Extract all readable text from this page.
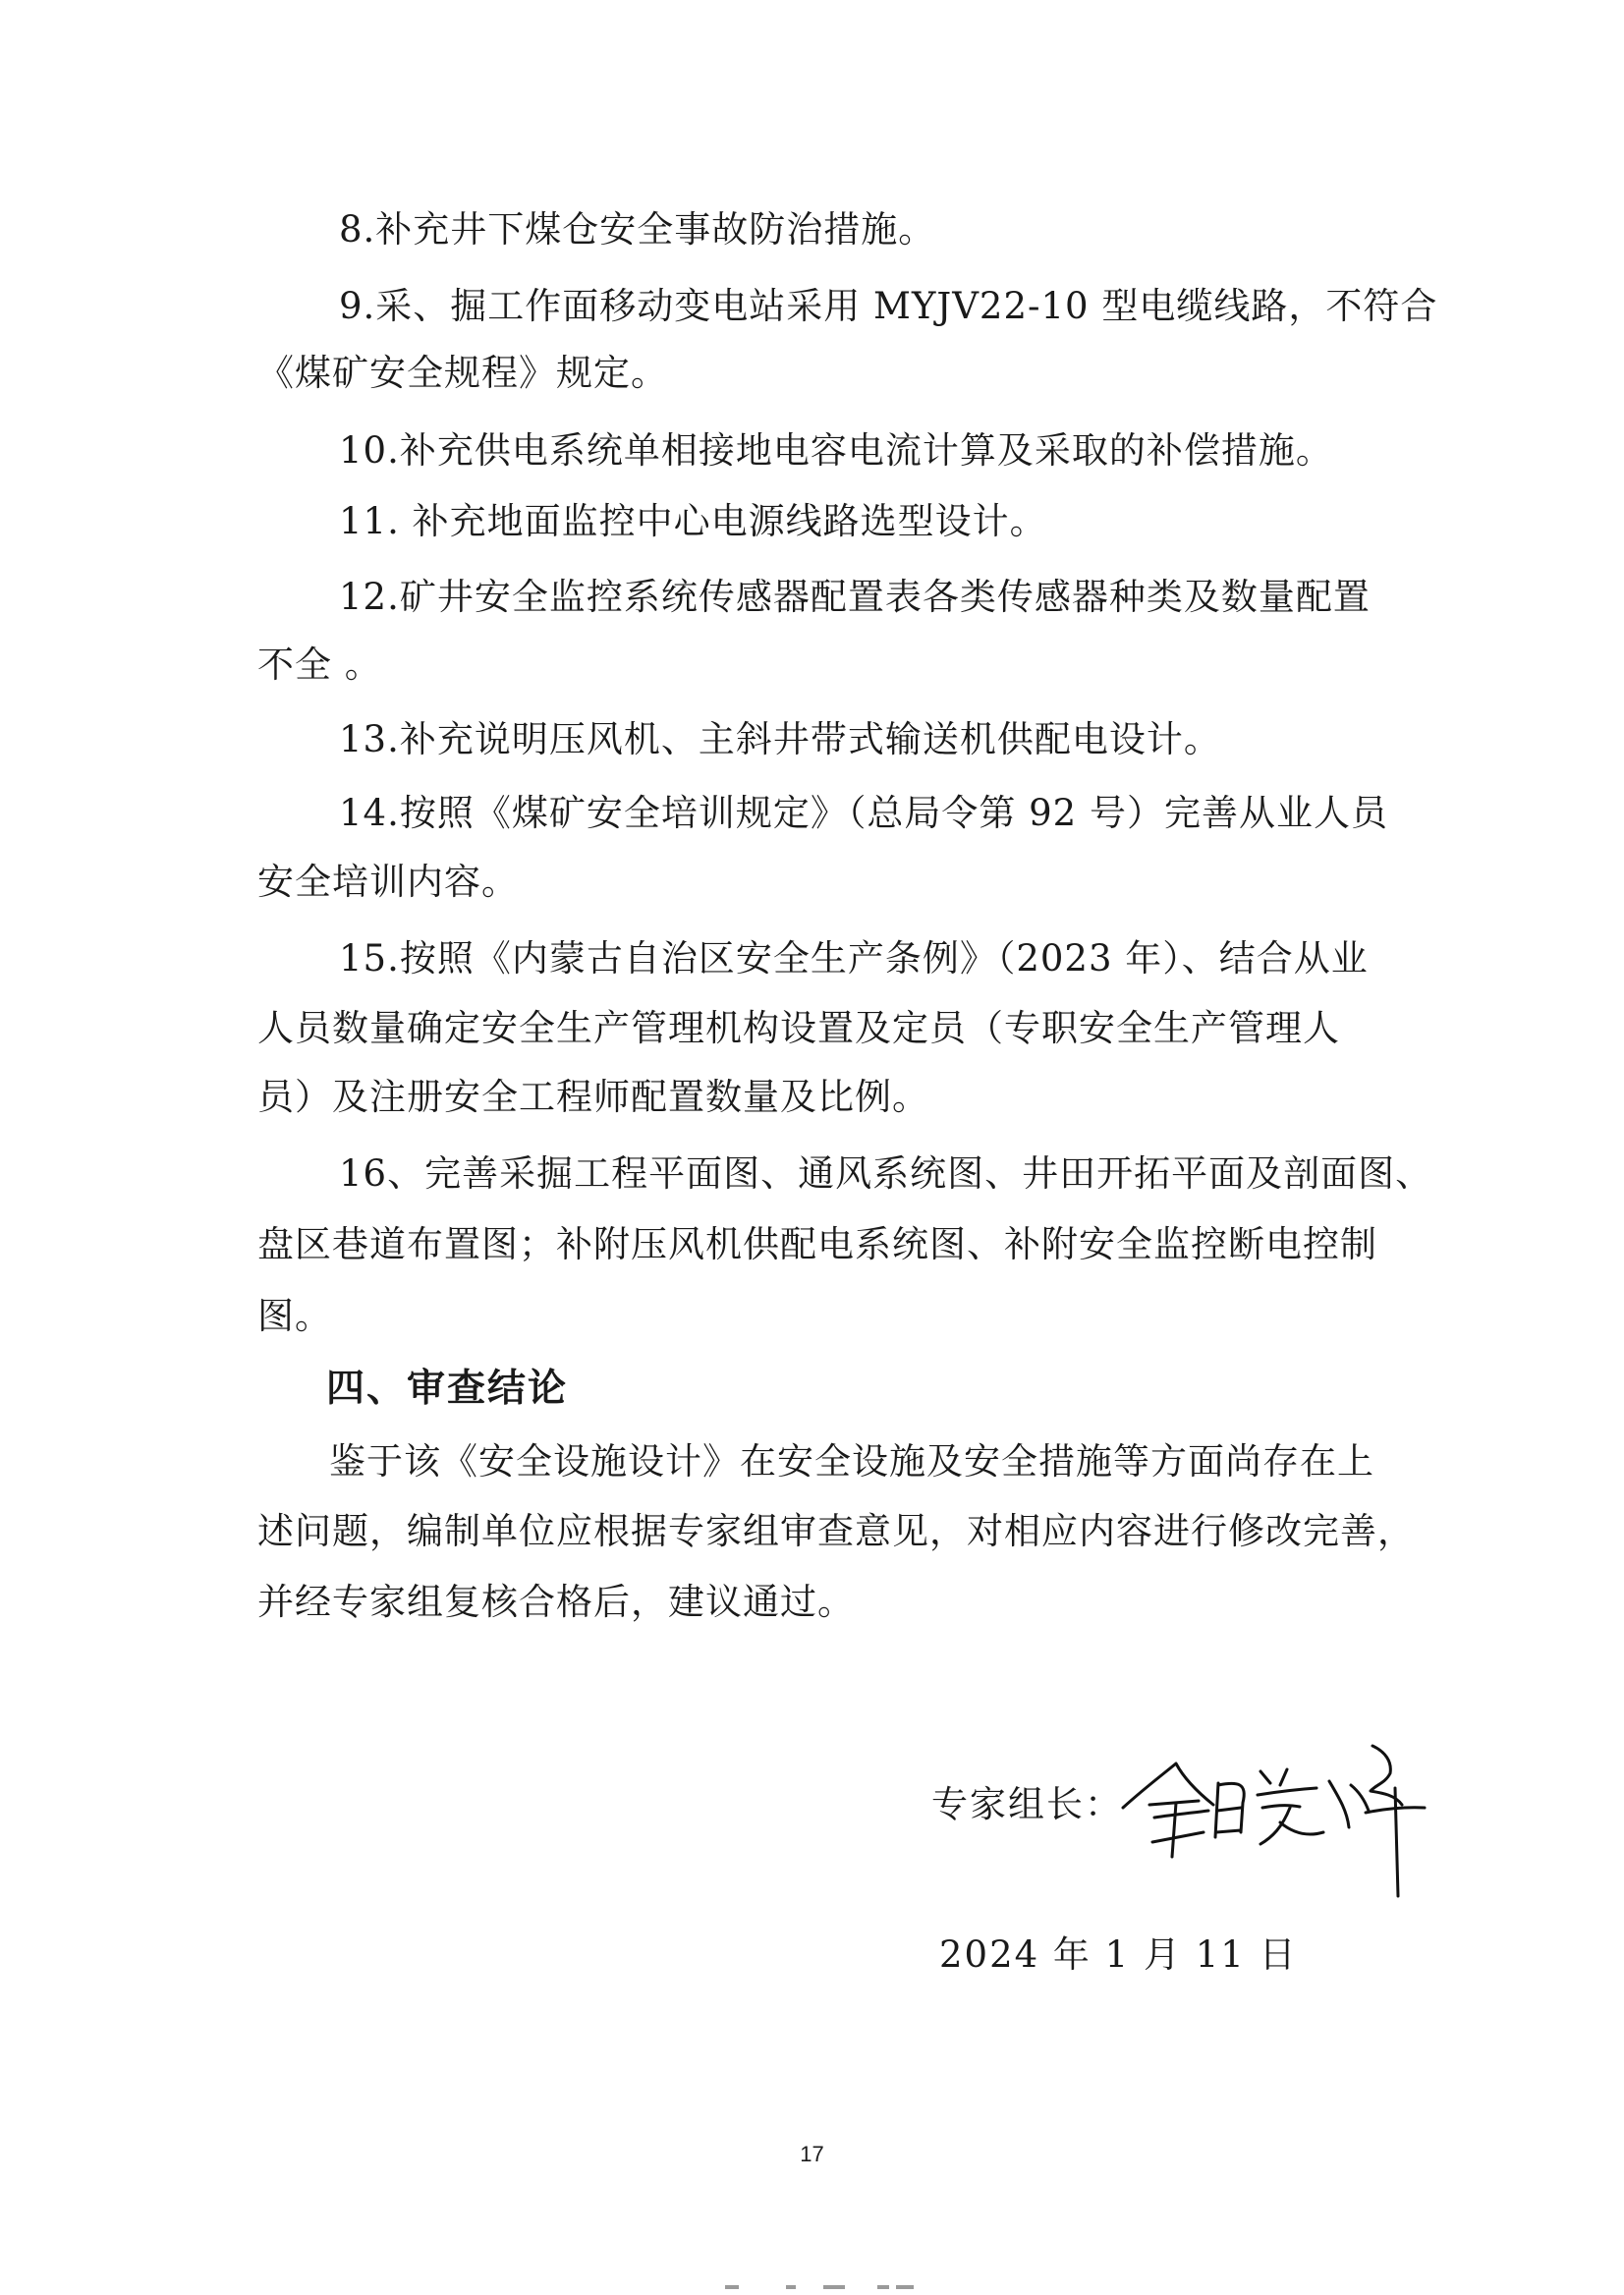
8.补充井下煤仓安全事故防治措施。
9.采、掘工作面移动变电站采用 MYJV22-10 型电缆线路，不符合
《煤矿安全规程》规定。
10.补充供电系统单相接地电容电流计算及采取的补偿措施。
11. 补充地面监控中心电源线路选型设计。
12.矿井安全监控系统传感器配置表各类传感器种类及数量配置
不全 。
13.补充说明压风机、主斜井带式输送机供配电设计。
14.按照《煤矿安全培训规定》（总局令第 92 号）完善从业人员
安全培训内容。
15.按照《内蒙古自治区安全生产条例》（2023 年）、结合从业
人员数量确定安全生产管理机构设置及定员（专职安全生产管理人
员）及注册安全工程师配置数量及比例。
16、完善采掘工程平面图、通风系统图、井田开拓平面及剖面图、
盘区巷道布置图；补附压风机供配电系统图、补附安全监控断电控制
图。
四、审查结论
鉴于该《安全设施设计》在安全设施及安全措施等方面尚存在上
述问题，编制单位应根据专家组审查意见，对相应内容进行修改完善，
并经专家组复核合格后，建议通过。
专家组长：
2024 年 1 月 11 日
17
